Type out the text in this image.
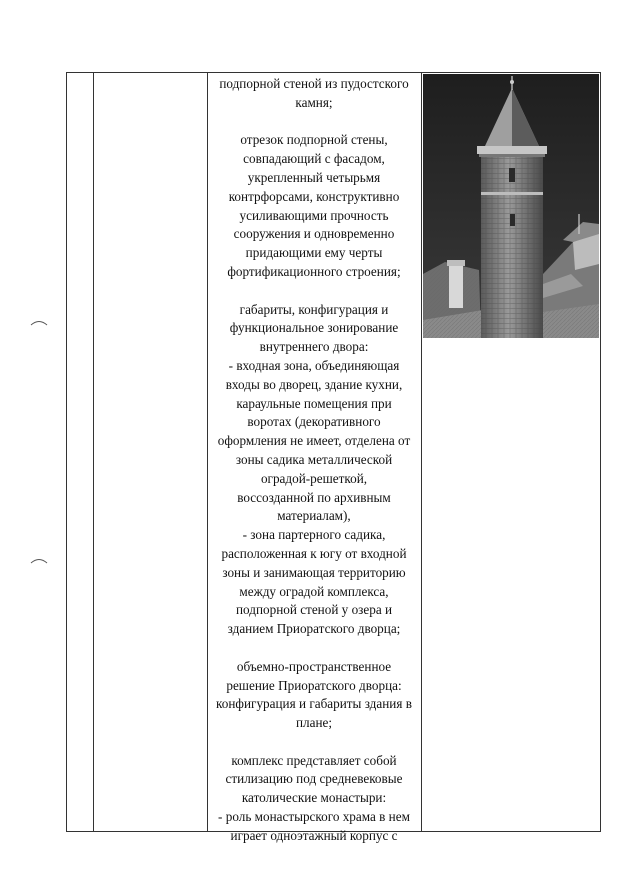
подпорной стеной из пудостского
камня;

отрезок подпорной стены,
совпадающий с фасадом,
укрепленный четырьмя
контрфорсами, конструктивно
усиливающими прочность
сооружения и одновременно
придающими ему черты
фортификационного строения;

габариты, конфигурация и
функциональное зонирование
внутреннего двора:
- входная зона, объединяющая
входы во дворец, здание кухни,
караульные помещения при
воротах (декоративного
оформления не имеет, отделена от
зоны садика металлической
оградой-решеткой,
воссозданной по архивным
материалам),
- зона партерного садика,
расположенная к югу от входной
зоны и занимающая территорию
между оградой комплекса,
подпорной стеной у озера и
зданием Приоратского дворца;

объемно-пространственное
решение Приоратского дворца:
конфигурация и габариты здания в
плане;

комплекс представляет собой
стилизацию под средневековые
католические монастыри:
- роль монастырского храма в нем
играет одноэтажный корпус с
